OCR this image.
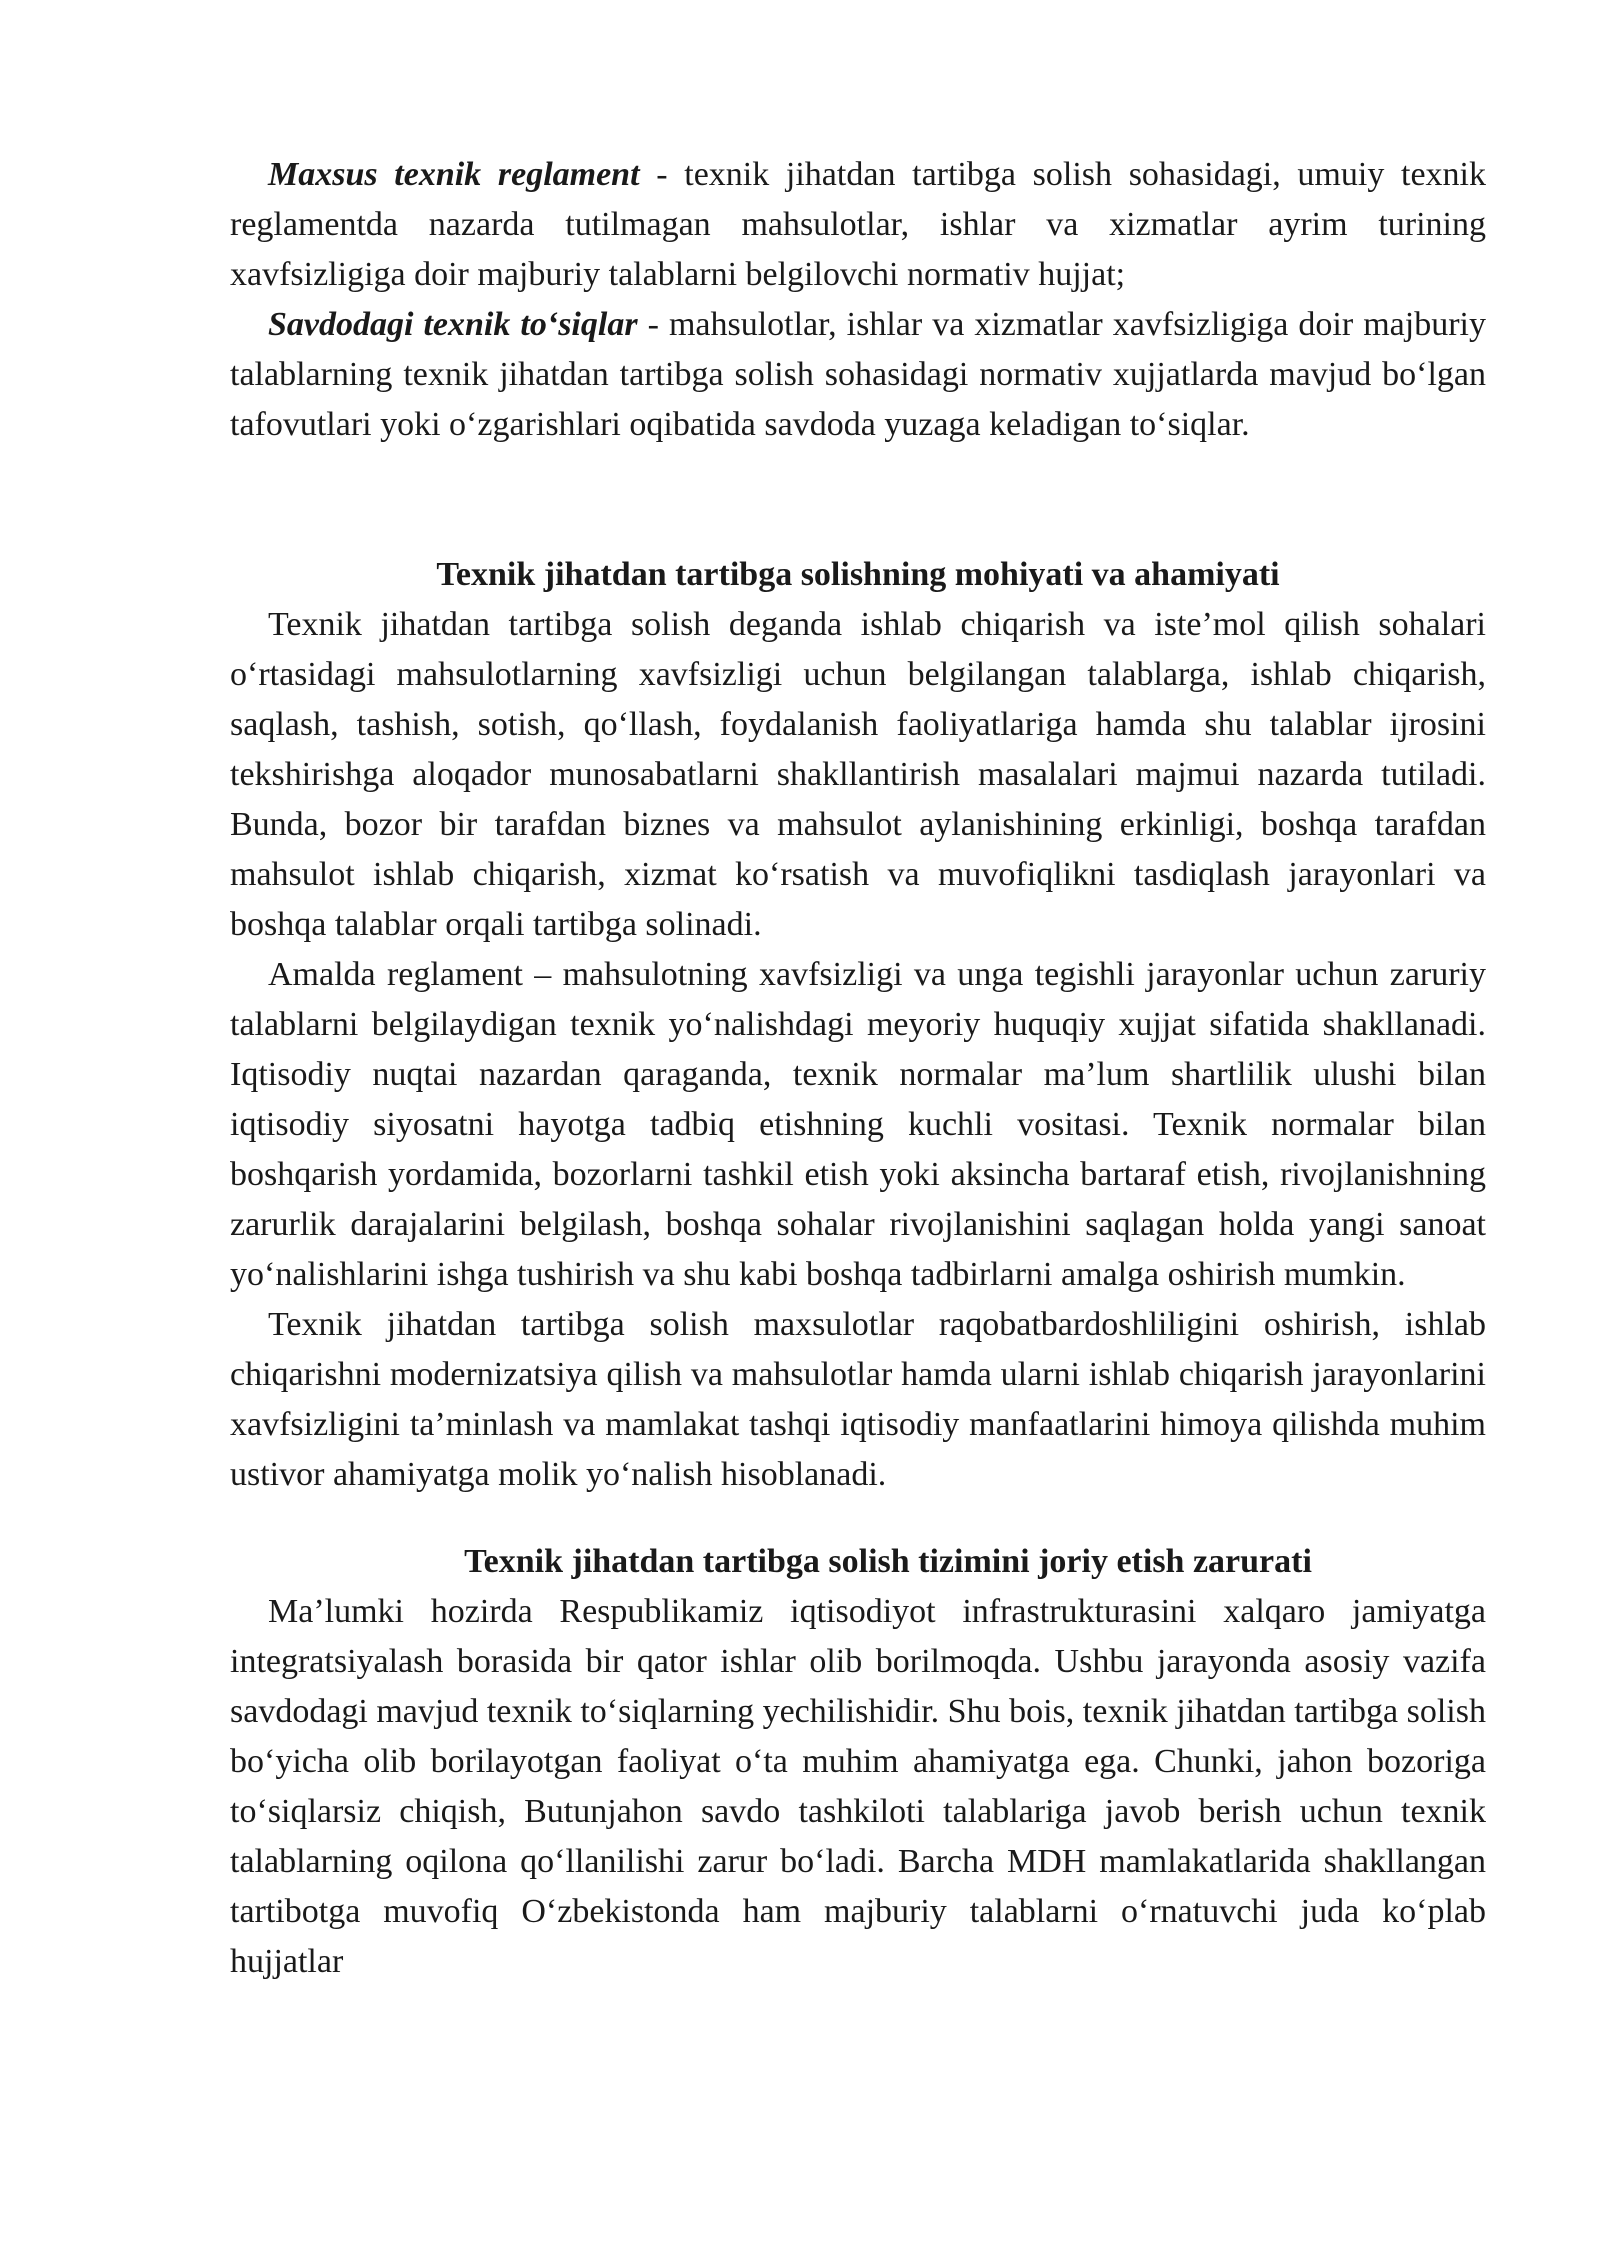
Maxsus texnik reglament - texnik jihatdan tartibga solish sohasidagi, umuiy texnik reglamentda nazarda tutilmagan mahsulotlar, ishlar va xizmatlar ayrim turining xavfsizligiga doir majburiy talablarni belgilovchi normativ hujjat;

Savdodagi texnik to‘siqlar - mahsulotlar, ishlar va xizmatlar xavfsizligiga doir majburiy talablarning texnik jihatdan tartibga solish sohasidagi normativ xujjatlarda mavjud bo‘lgan tafovutlari yoki o‘zgarishlari oqibatida savdoda yuzaga keladigan to‘siqlar.

Texnik jihatdan tartibga solishning mohiyati va ahamiyati

Texnik jihatdan tartibga solish deganda ishlab chiqarish va iste’mol qilish sohalari o‘rtasidagi mahsulotlarning xavfsizligi uchun belgilangan talablarga, ishlab chiqarish, saqlash, tashish, sotish, qo‘llash, foydalanish faoliyatlariga hamda shu talablar ijrosini tekshirishga aloqador munosabatlarni shakllantirish masalalari majmui nazarda tutiladi. Bunda, bozor bir tarafdan biznes va mahsulot aylanishining erkinligi, boshqa tarafdan mahsulot ishlab chiqarish, xizmat ko‘rsatish va muvofiqlikni tasdiqlash jarayonlari va boshqa talablar orqali tartibga solinadi.

Amalda reglament – mahsulotning xavfsizligi va unga tegishli jarayonlar uchun zaruriy talablarni belgilaydigan texnik yo‘nalishdagi meyoriy huquqiy xujjat sifatida shakllanadi. Iqtisodiy nuqtai nazardan qaraganda, texnik normalar ma’lum shartlilik ulushi bilan iqtisodiy siyosatni hayotga tadbiq etishning kuchli vositasi. Texnik normalar bilan boshqarish yordamida, bozorlarni tashkil etish yoki aksincha bartaraf etish, rivojlanishning zarurlik darajalarini belgilash, boshqa sohalar rivojlanishini saqlagan holda yangi sanoat yo‘nalishlarini ishga tushirish va shu kabi boshqa tadbirlarni amalga oshirish mumkin.

Texnik jihatdan tartibga solish maxsulotlar raqobatbardoshliligini oshirish, ishlab chiqarishni modernizatsiya qilish va mahsulotlar hamda ularni ishlab chiqarish jarayonlarini xavfsizligini ta’minlash va mamlakat tashqi iqtisodiy manfaatlarini himoya qilishda muhim ustivor ahamiyatga molik yo‘nalish hisoblanadi.

Texnik jihatdan tartibga solish tizimini joriy etish zarurati

Ma’lumki hozirda Respublikamiz iqtisodiyot infrastrukturasini xalqaro jamiyatga integratsiyalash borasida bir qator ishlar olib borilmoqda. Ushbu jarayonda asosiy vazifa savdodagi mavjud texnik to‘siqlarning yechilishidir. Shu bois, texnik jihatdan tartibga solish bo‘yicha olib borilayotgan faoliyat o‘ta muhim ahamiyatga ega. Chunki, jahon bozoriga to‘siqlarsiz chiqish, Butunjahon savdo tashkiloti talablariga javob berish uchun texnik talablarning oqilona qo‘llanilishi zarur bo‘ladi. Barcha MDH mamlakatlarida shakllangan tartibotga muvofiq O‘zbekistonda ham majburiy talablarni o‘rnatuvchi juda ko‘plab hujjatlar
